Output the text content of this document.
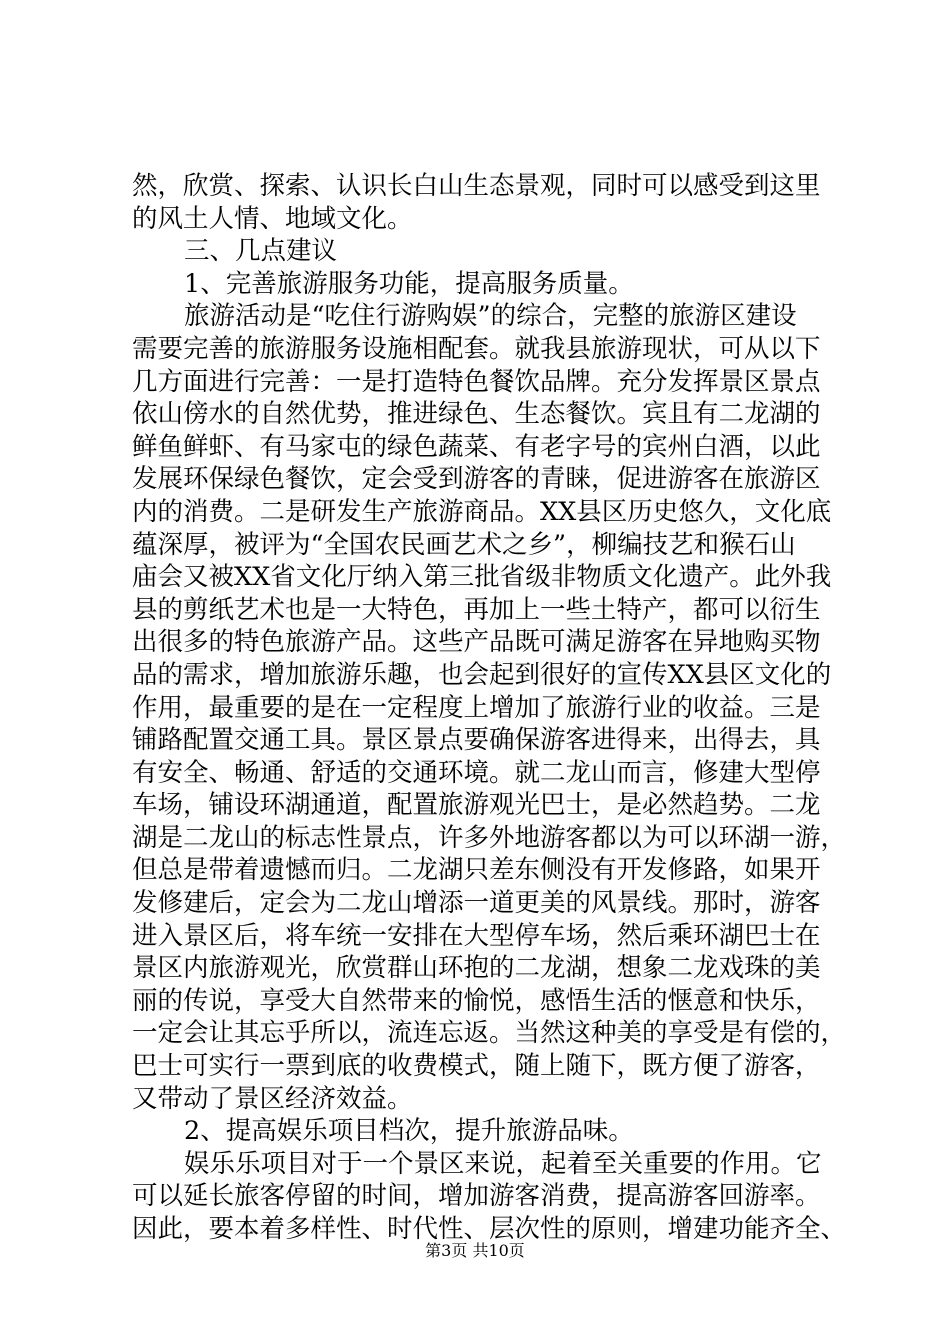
然，欣赏、探索、认识长白山生态景观，同时可以感受到这里
的风土人情、地域文化。
三、几点建议
1、完善旅游服务功能，提高服务质量。
旅游活动是“吃住行游购娱”的综合，完整的旅游区建设
需要完善的旅游服务设施相配套。就我县旅游现状，可从以下
几方面进行完善：一是打造特色餐饮品牌。充分发挥景区景点
依山傍水的自然优势，推进绿色、生态餐饮。宾且有二龙湖的
鲜鱼鲜虾、有马家屯的绿色蔬菜、有老字号的宾州白酒，以此
发展环保绿色餐饮，定会受到游客的青睐，促进游客在旅游区
内的消费。二是研发生产旅游商品。XX县区历史悠久，文化底
蕴深厚，被评为“全国农民画艺术之乡”，柳编技艺和猴石山
庙会又被XX省文化厅纳入第三批省级非物质文化遗产。此外我
县的剪纸艺术也是一大特色，再加上一些土特产，都可以衍生
出很多的特色旅游产品。这些产品既可满足游客在异地购买物
品的需求，增加旅游乐趣，也会起到很好的宣传XX县区文化的
作用，最重要的是在一定程度上增加了旅游行业的收益。三是
铺路配置交通工具。景区景点要确保游客进得来，出得去，具
有安全、畅通、舒适的交通环境。就二龙山而言，修建大型停
车场，铺设环湖通道，配置旅游观光巴士，是必然趋势。二龙
湖是二龙山的标志性景点，许多外地游客都以为可以环湖一游，
但总是带着遗憾而归。二龙湖只差东侧没有开发修路，如果开
发修建后，定会为二龙山增添一道更美的风景线。那时，游客
进入景区后，将车统一安排在大型停车场，然后乘环湖巴士在
景区内旅游观光，欣赏群山环抱的二龙湖，想象二龙戏珠的美
丽的传说，享受大自然带来的愉悦，感悟生活的惬意和快乐，
一定会让其忘乎所以，流连忘返。当然这种美的享受是有偿的，
巴士可实行一票到底的收费模式，随上随下，既方便了游客，
又带动了景区经济效益。
2、提高娱乐项目档次，提升旅游品味。
娱乐乐项目对于一个景区来说，起着至关重要的作用。它
可以延长旅客停留的时间，增加游客消费，提高游客回游率。
因此，要本着多样性、时代性、层次性的原则，增建功能齐全、
第3页 共10页
